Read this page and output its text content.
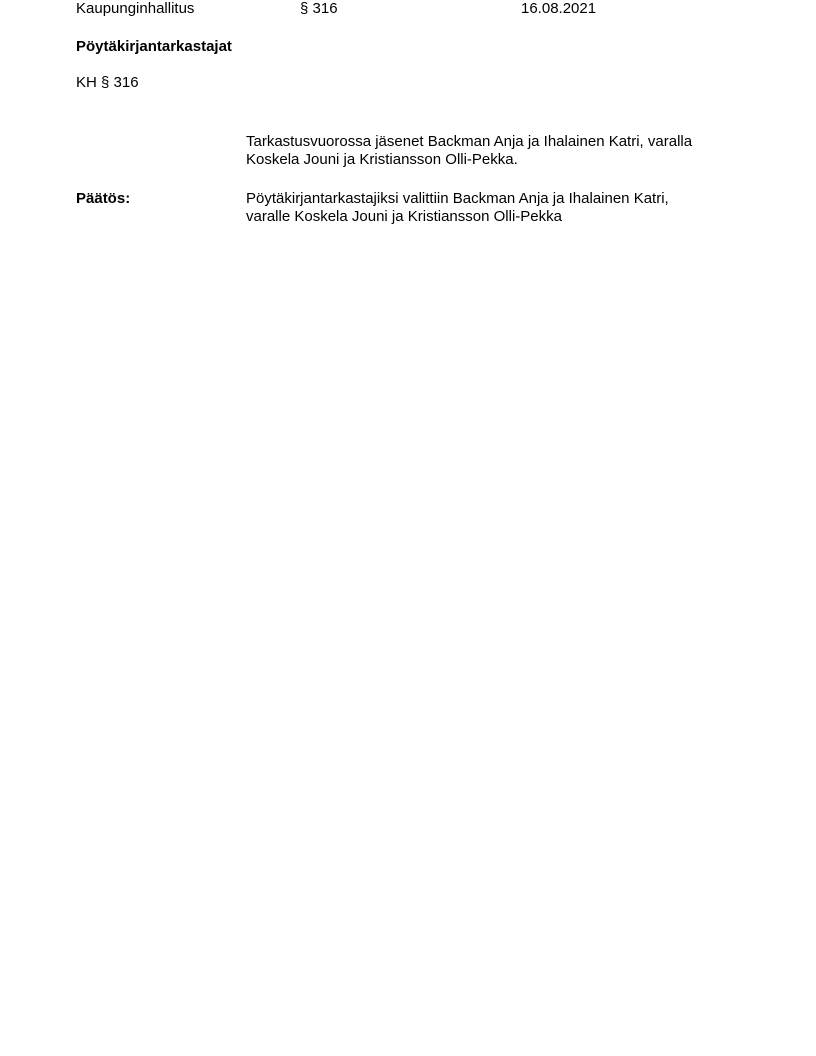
Kaupunginhallitus	§ 316	16.08.2021

Pöytäkirjantarkastajat

KH § 316

Tarkastusvuorossa jäsenet Backman Anja ja Ihalainen Katri, varalla
Koskela Jouni ja Kristiansson Olli-Pekka.

Päätös:	Pöytäkirjantarkastajiksi valittiin Backman Anja ja Ihalainen Katri,
varalle Koskela Jouni ja Kristiansson Olli-Pekka
